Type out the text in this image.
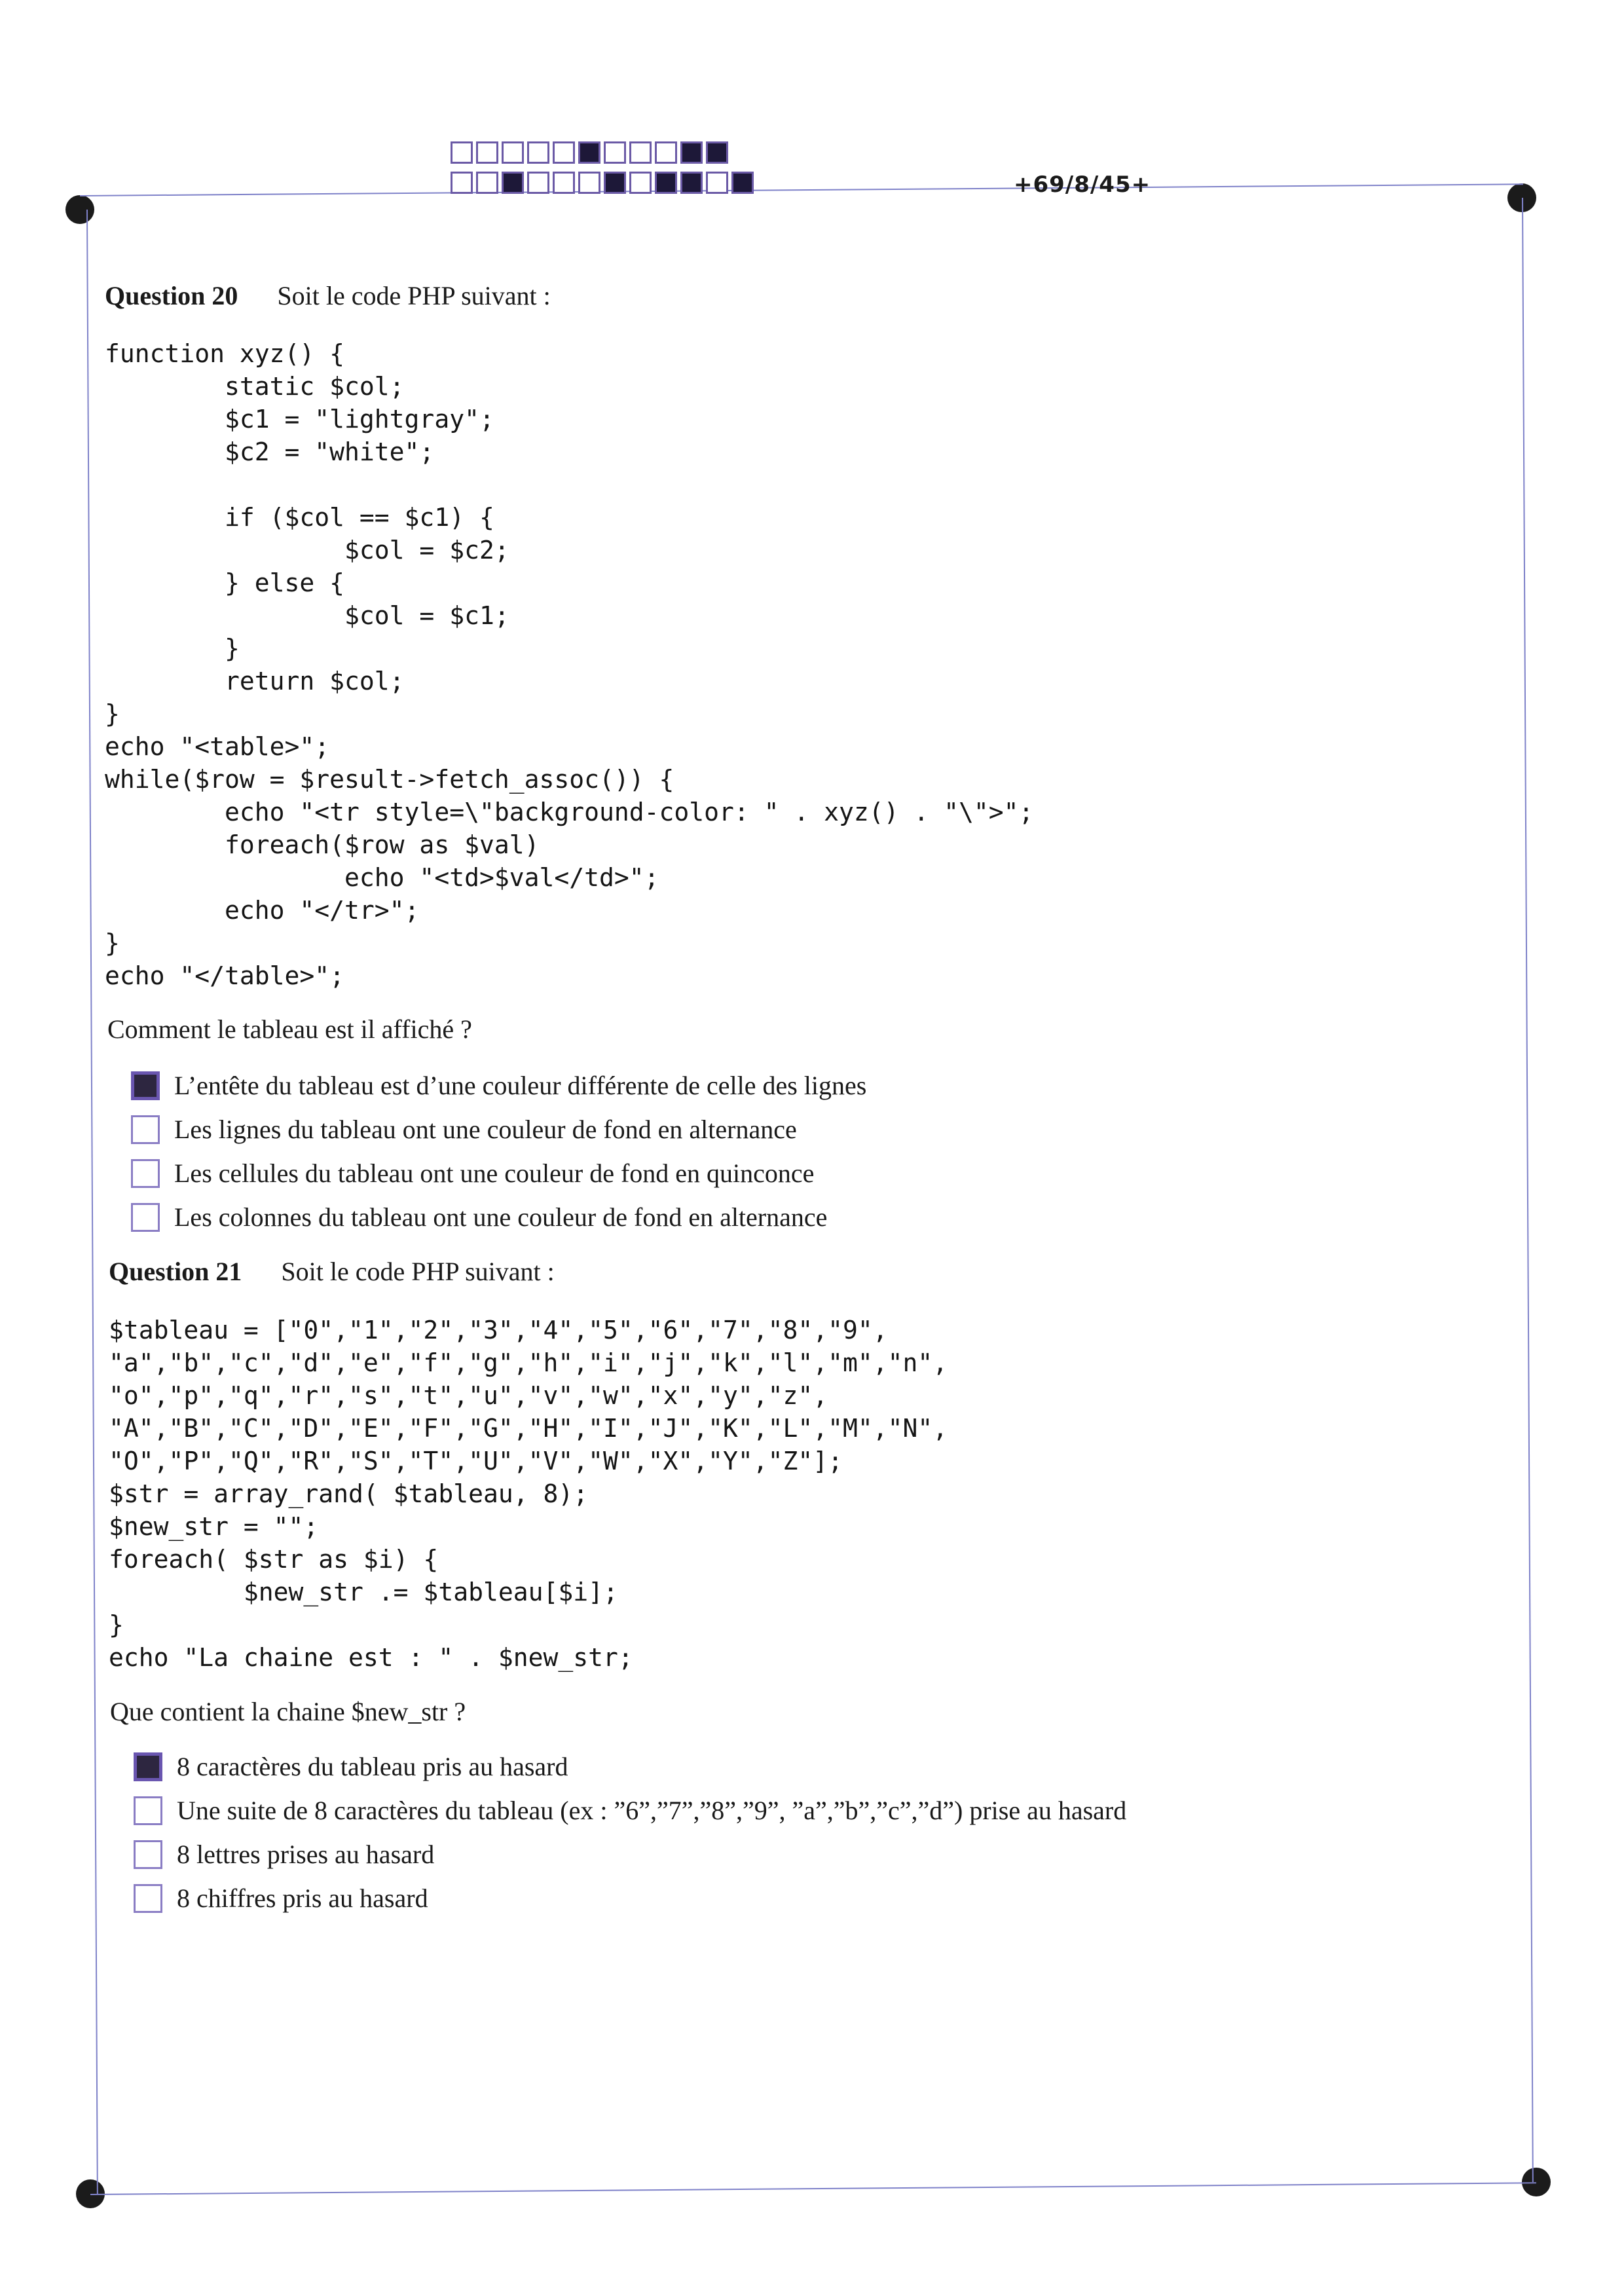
+69/8/45+
Question 20 Soit le code PHP suivant :
function xyz() {
static $col;
$c1 = "lightgray";
$c2 = "white";

if ($col == $c1) {
$col = $c2;
} else {
$col = $c1;
}
return $col;
}
echo "<table>";
while($row = $result->fetch_assoc()) {
echo "<tr style=\"background-color: " . xyz() . "\">";
foreach($row as $val)
echo "<td>$val</td>";
echo "</tr>";
}
echo "</table>";
Comment le tableau est il affiché ?
L’entête du tableau est d’une couleur différente de celle des lignes
Les lignes du tableau ont une couleur de fond en alternance
Les cellules du tableau ont une couleur de fond en quinconce
Les colonnes du tableau ont une couleur de fond en alternance
Question 21 Soit le code PHP suivant :
$tableau = ["0","1","2","3","4","5","6","7","8","9",
"a","b","c","d","e","f","g","h","i","j","k","l","m","n",
"o","p","q","r","s","t","u","v","w","x","y","z",
"A","B","C","D","E","F","G","H","I","J","K","L","M","N",
"O","P","Q","R","S","T","U","V","W","X","Y","Z"];
$str = array_rand( $tableau, 8);
$new_str = "";
foreach( $str as $i) {
$new_str .= $tableau[$i];
}
echo "La chaine est : " . $new_str;
Que contient la chaine $new_str ?
8 caractères du tableau pris au hasard
Une suite de 8 caractères du tableau (ex : ”6”,”7”,”8”,”9”, ”a”,”b”,”c”,”d”) prise au hasard
8 lettres prises au hasard
8 chiffres pris au hasard
